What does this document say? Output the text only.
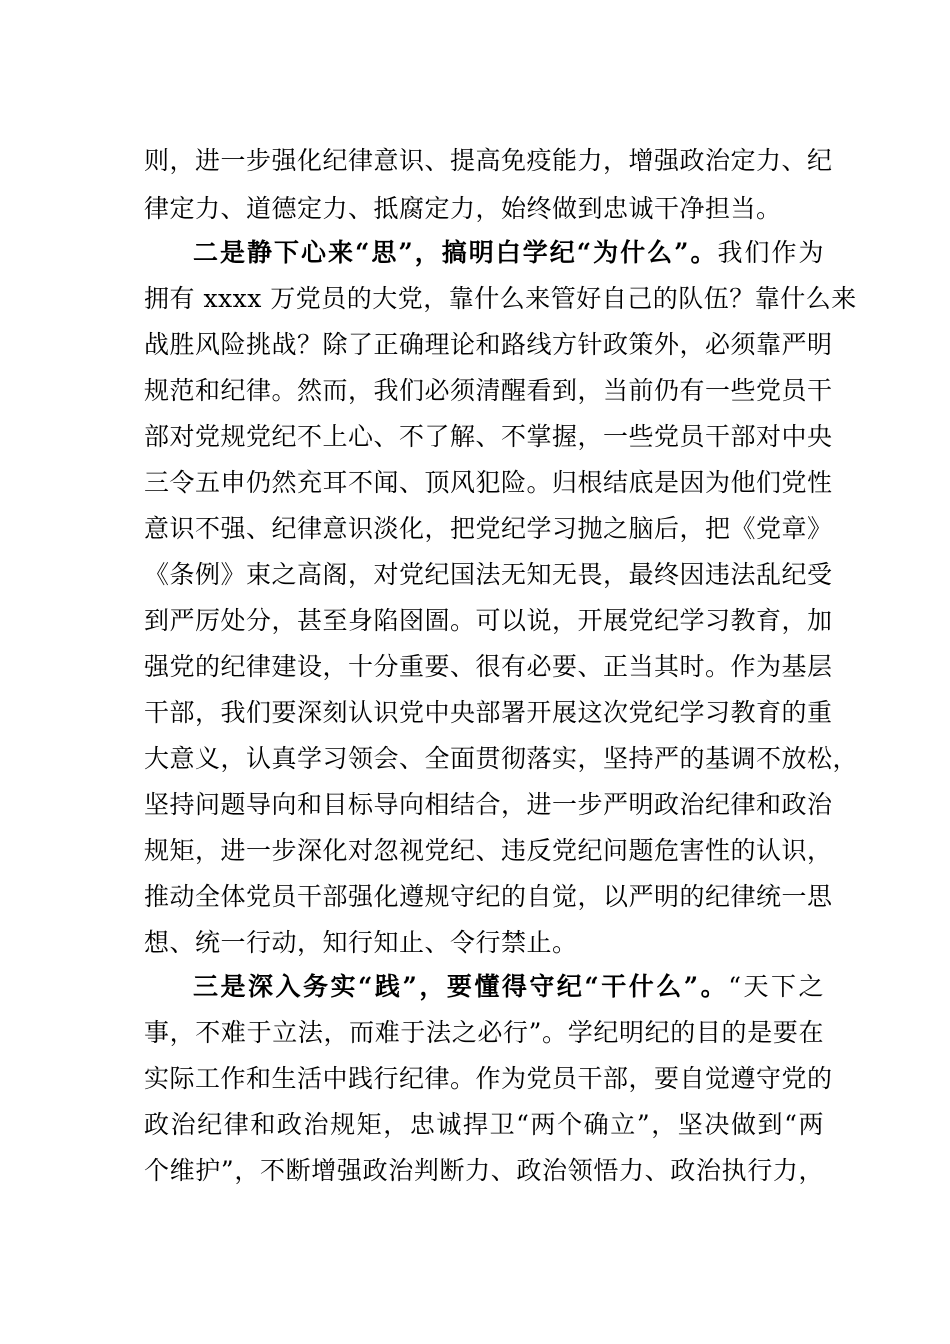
则，进一步强化纪律意识、提高免疫能力，增强政治定力、纪
律定力、道德定力、抵腐定力，始终做到忠诚干净担当。
二是静下心来“思”，搞明白学纪“为什么”。我们作为
拥有 xxxx 万党员的大党，靠什么来管好自己的队伍？靠什么来
战胜风险挑战？除了正确理论和路线方针政策外，必须靠严明
规范和纪律。然而，我们必须清醒看到，当前仍有一些党员干
部对党规党纪不上心、不了解、不掌握，一些党员干部对中央
三令五申仍然充耳不闻、顶风犯险。归根结底是因为他们党性
意识不强、纪律意识淡化，把党纪学习抛之脑后，把《党章》
《条例》束之高阁，对党纪国法无知无畏，最终因违法乱纪受
到严厉处分，甚至身陷囹圄。可以说，开展党纪学习教育，加
强党的纪律建设，十分重要、很有必要、正当其时。作为基层
干部，我们要深刻认识党中央部署开展这次党纪学习教育的重
大意义，认真学习领会、全面贯彻落实，坚持严的基调不放松，
坚持问题导向和目标导向相结合，进一步严明政治纪律和政治
规矩，进一步深化对忽视党纪、违反党纪问题危害性的认识，
推动全体党员干部强化遵规守纪的自觉，以严明的纪律统一思
想、统一行动，知行知止、令行禁止。
三是深入务实“践”，要懂得守纪“干什么”。“天下之
事，不难于立法，而难于法之必行”。学纪明纪的目的是要在
实际工作和生活中践行纪律。作为党员干部，要自觉遵守党的
政治纪律和政治规矩，忠诚捍卫“两个确立”，坚决做到“两
个维护”，不断增强政治判断力、政治领悟力、政治执行力，
